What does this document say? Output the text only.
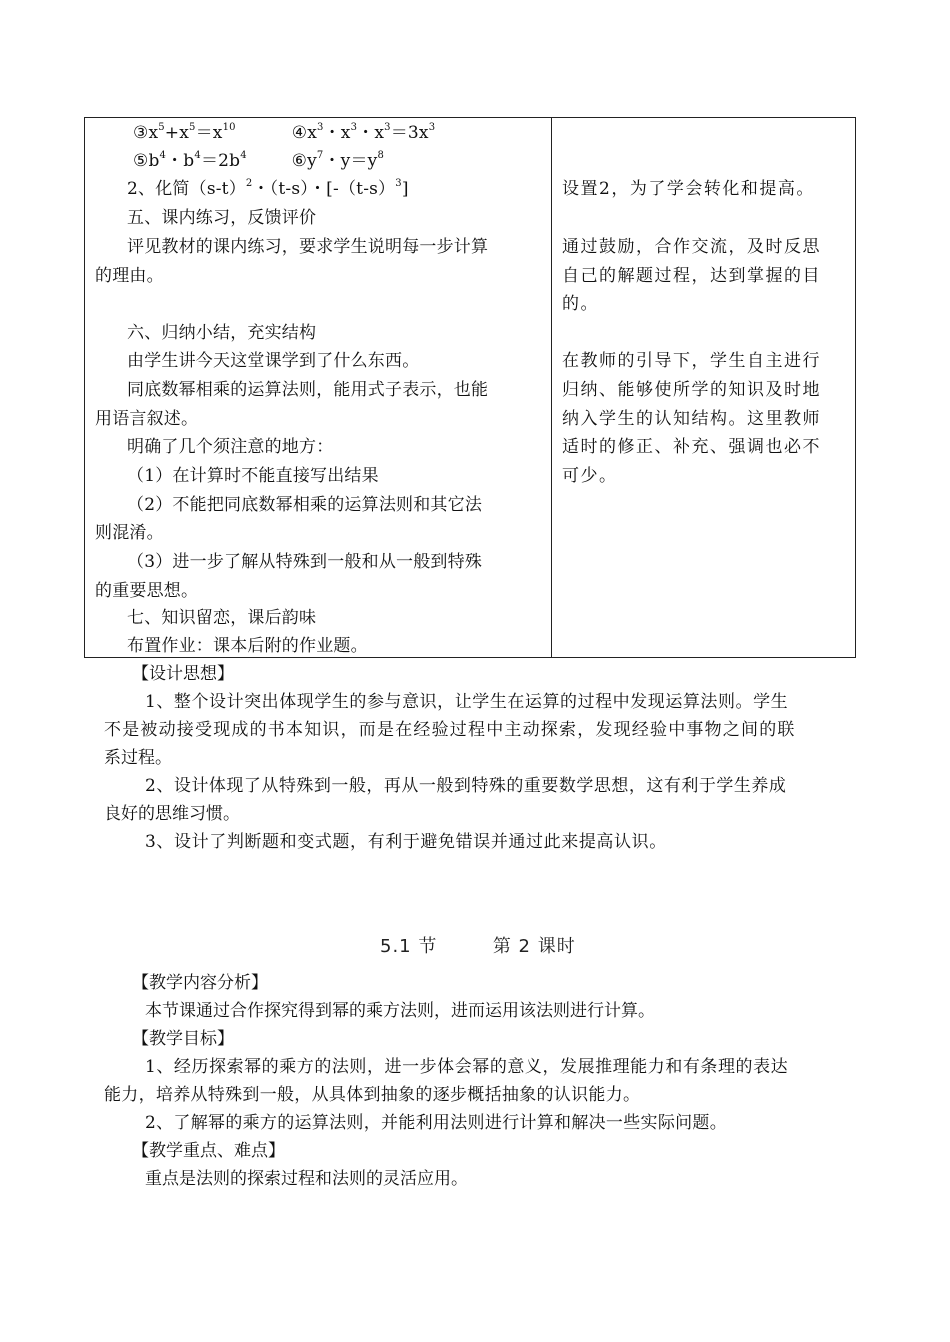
$③x^5+x^5=x^{10}$          $④x^3$・$x^3$・$x^3=3x^3$
$⑤b^4$・$b^4=2b^4$        $⑥y^7$・$y=y^8$
2、化简$(s-t)^2$・（t-s）・$[-(t-s)^3]$
五、课内练习，反馈评价
评见教材的课内练习，要求学生说明每一步计算
的理由。
六、归纳小结，充实结构
由学生讲今天这堂课学到了什么东西。
同底数幂相乘的运算法则，能用式子表示，也能
用语言叙述。
明确了几个须注意的地方：
（1）在计算时不能直接写出结果
（2）不能把同底数幂相乘的运算法则和其它法
则混淆。
（3）进一步了解从特殊到一般和从一般到特殊
的重要思想。
七、知识留恋，课后韵味
布置作业：课本后附的作业题。
设置2，为了学会转化和提高。
通过鼓励，合作交流，及时反思
自己的解题过程，达到掌握的目
的。
在教师的引导下，学生自主进行
归纳、能够使所学的知识及时地
纳入学生的认知结构。这里教师
适时的修正、补充、强调也必不
可少。
【设计思想】
1、整个设计突出体现学生的参与意识，让学生在运算的过程中发现运算法则。学生
不是被动接受现成的书本知识，而是在经验过程中主动探索，发现经验中事物之间的联
系过程。
2、设计体现了从特殊到一般，再从一般到特殊的重要数学思想，这有利于学生养成
良好的思维习惯。
3、设计了判断题和变式题，有利于避免错误并通过此来提高认识。
5.1 节	第 2 课时
【教学内容分析】
本节课通过合作探究得到幂的乘方法则，进而运用该法则进行计算。
【教学目标】
1、经历探索幂的乘方的法则，进一步体会幂的意义，发展推理能力和有条理的表达
能力，培养从特殊到一般，从具体到抽象的逐步概括抽象的认识能力。
2、了解幂的乘方的运算法则，并能利用法则进行计算和解决一些实际问题。
【教学重点、难点】
重点是法则的探索过程和法则的灵活应用。
